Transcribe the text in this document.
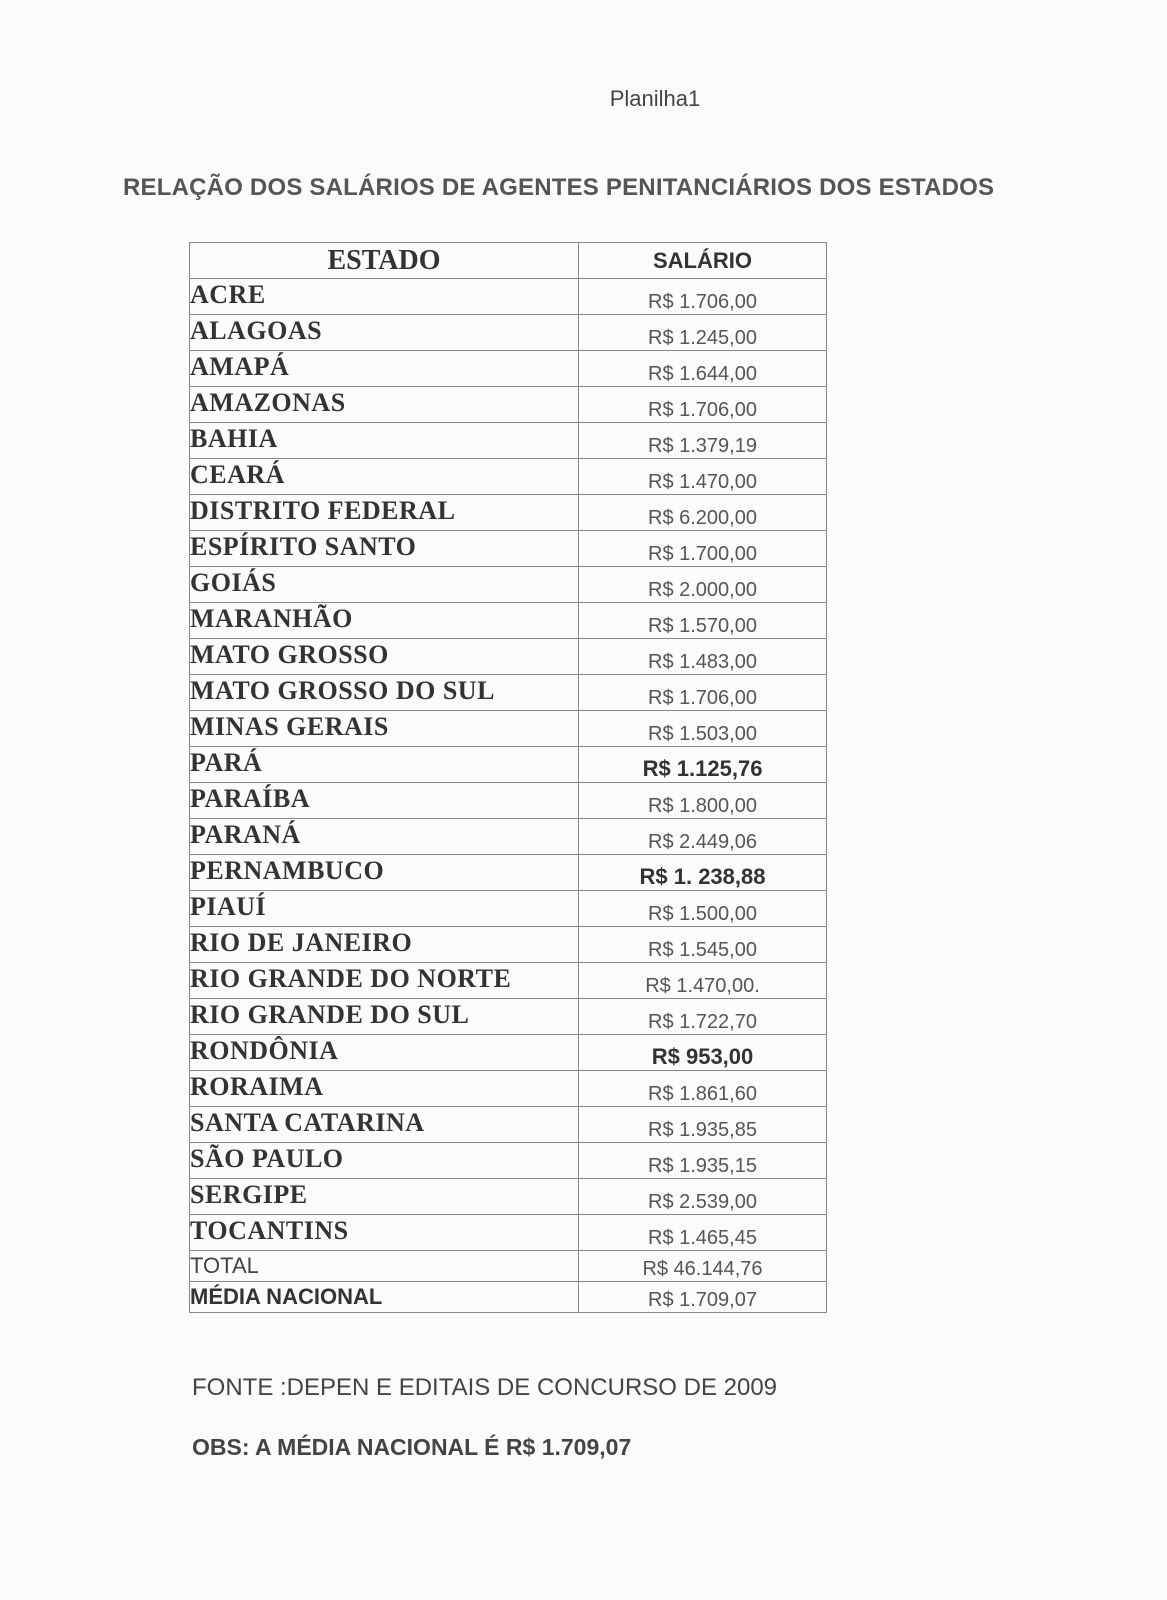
Planilha1
RELAÇÃO DOS SALÁRIOS DE AGENTES PENITANCIÁRIOS DOS ESTADOS
ESTADO	SALÁRIO
ACRE	R$ 1.706,00
ALAGOAS	R$ 1.245,00
AMAPÁ	R$ 1.644,00
AMAZONAS	R$ 1.706,00
BAHIA	R$ 1.379,19
CEARÁ	R$ 1.470,00
DISTRITO FEDERAL	R$ 6.200,00
ESPÍRITO SANTO	R$ 1.700,00
GOIÁS	R$ 2.000,00
MARANHÃO	R$ 1.570,00
MATO GROSSO	R$ 1.483,00
MATO GROSSO DO SUL	R$ 1.706,00
MINAS GERAIS	R$ 1.503,00
PARÁ	R$ 1.125,76
PARAÍBA	R$ 1.800,00
PARANÁ	R$ 2.449,06
PERNAMBUCO	R$ 1. 238,88
PIAUÍ	R$ 1.500,00
RIO DE JANEIRO	R$ 1.545,00
RIO GRANDE DO NORTE	R$ 1.470,00.
RIO GRANDE DO SUL	R$ 1.722,70
RONDÔNIA	R$ 953,00
RORAIMA	R$ 1.861,60
SANTA CATARINA	R$ 1.935,85
SÃO PAULO	R$ 1.935,15
SERGIPE	R$ 2.539,00
TOCANTINS	R$ 1.465,45
TOTAL	R$ 46.144,76
MÉDIA NACIONAL	R$ 1.709,07
FONTE :DEPEN E EDITAIS DE CONCURSO DE 2009
OBS: A MÉDIA NACIONAL É R$ 1.709,07
